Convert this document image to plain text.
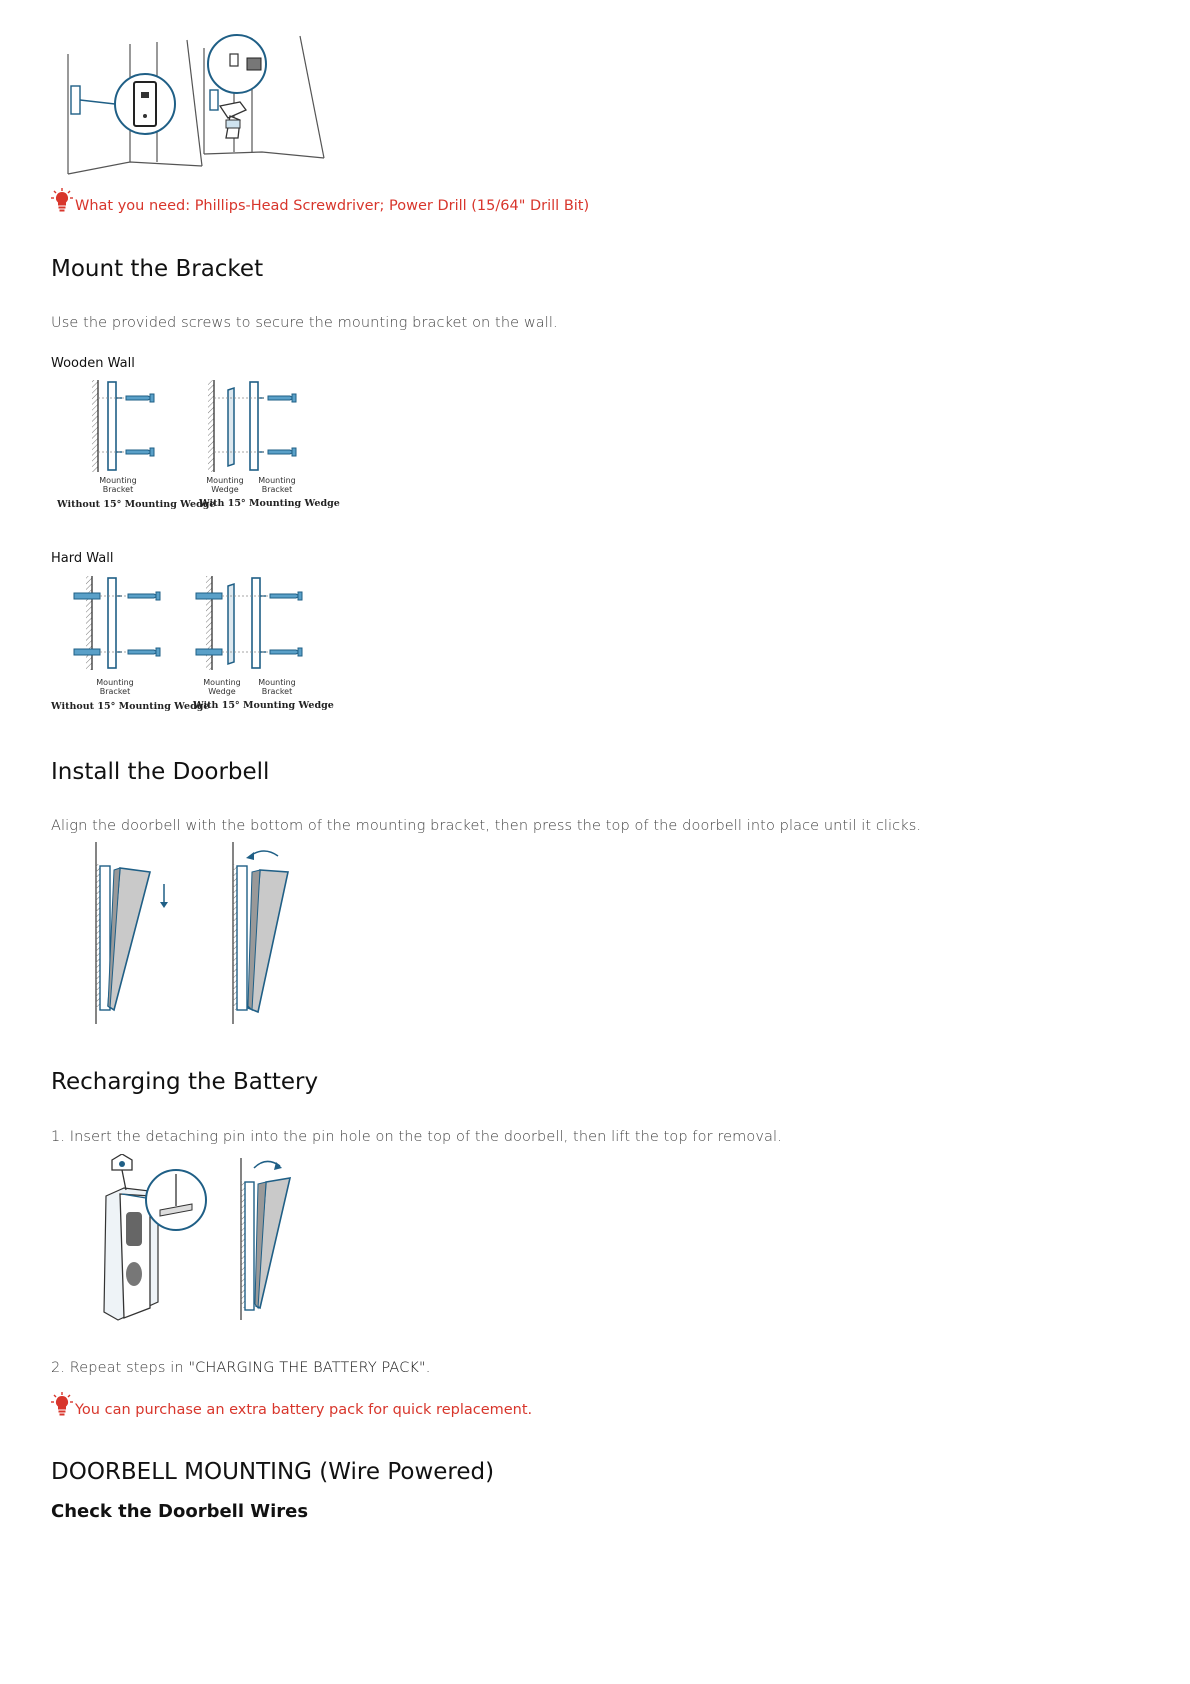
What you need: Phillips-Head Screwdriver; Power Drill (15/64" Drill Bit)
Mount the Bracket
Use the provided screws to secure the mounting bracket on the wall.
Wooden Wall
Mounting Bracket
Mounting Wedge
Mounting Bracket
Without 15° Mounting Wedge
With 15° Mounting Wedge
Hard Wall
Mounting Bracket
Mounting Wedge
Mounting Bracket
Without 15° Mounting Wedge
With 15° Mounting Wedge
Install the Doorbell
Align the doorbell with the bottom of the mounting bracket, then press the top of the doorbell into place until it clicks.
Recharging the Battery
1. Insert the detaching pin into the pin hole on the top of the doorbell, then lift the top for removal.
2. Repeat steps in "CHARGING THE BATTERY PACK".
You can purchase an extra battery pack for quick replacement.
DOORBELL MOUNTING (Wire Powered)
Check the Doorbell Wires
